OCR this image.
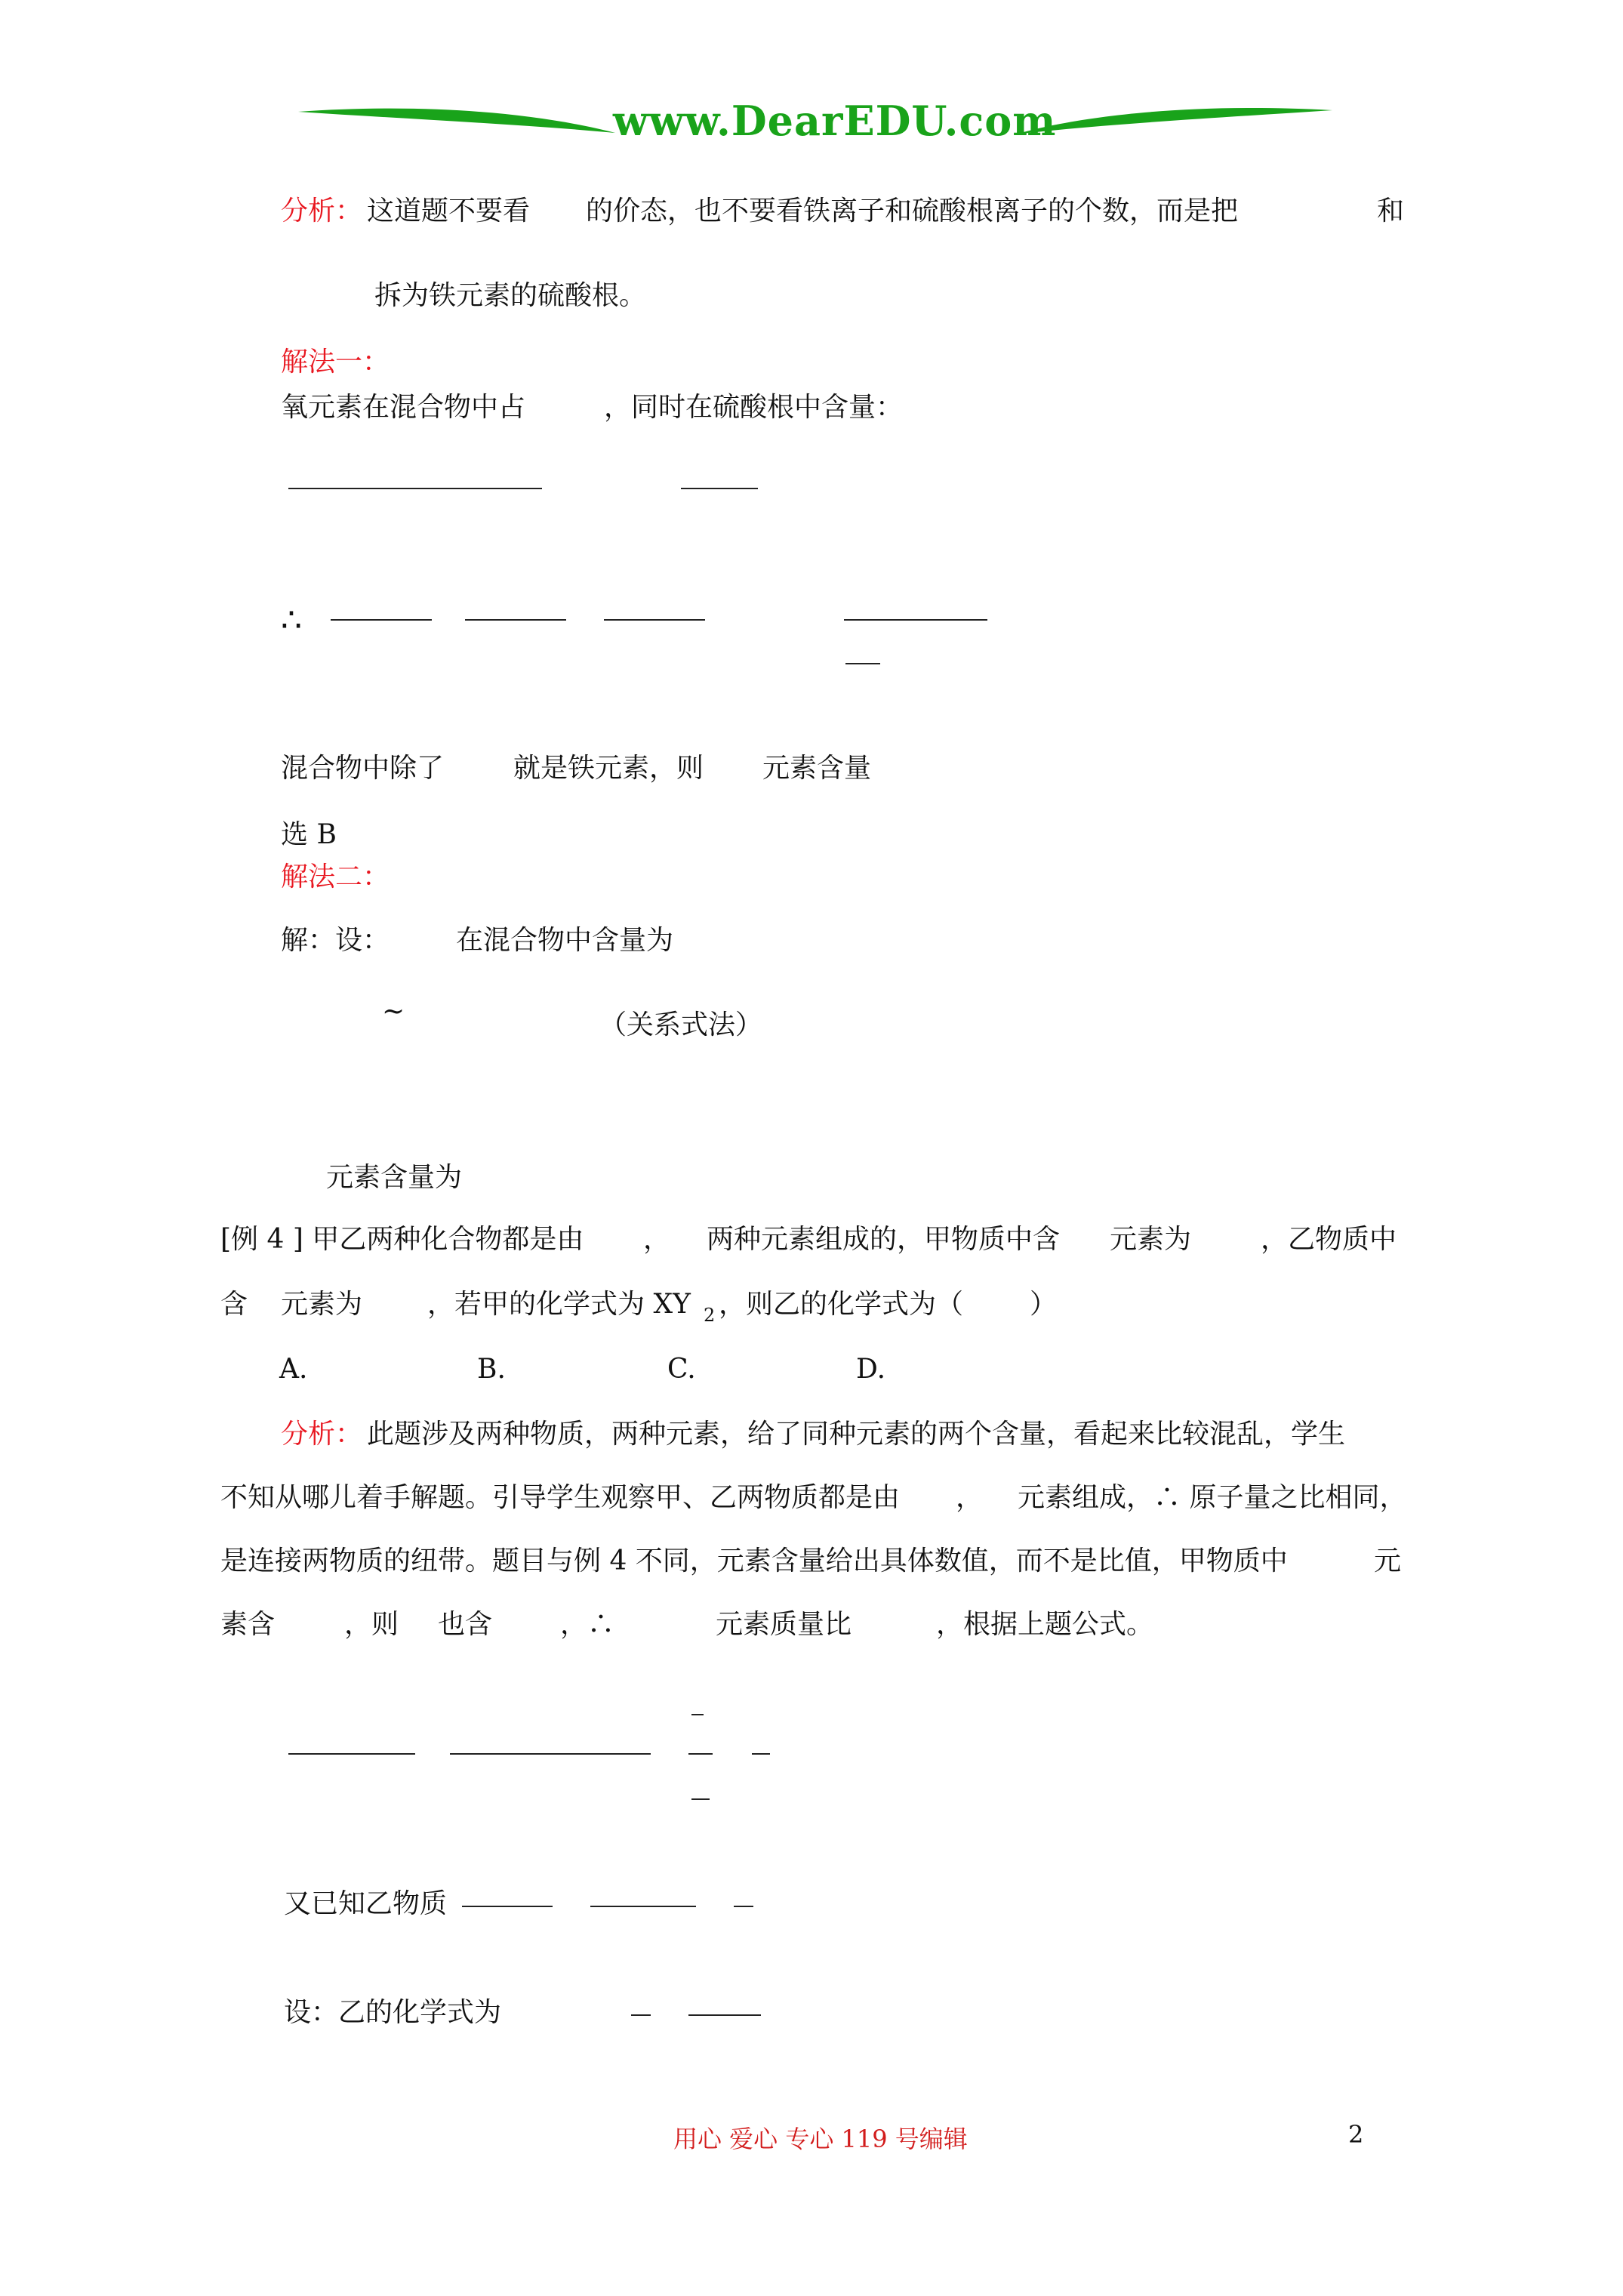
www.DearEDU.com
分析： 这道题不要看 的价态，也不要看铁离子和硫酸根离子的个数，而是把	和
拆为铁元素的硫酸根。
解法一：
氧元素在混合物中占	，同时在硫酸根中含量：
∴
混合物中除了	就是铁元素，则 元素含量
选 B
解法二：
解：设： 在混合物中含量为
~	（关系式法）
元素含量为
[例 4 ] 甲乙两种化合物都是由 ， 两种元素组成的，甲物质中含 元素为	，乙物质中
含 元素为 ，若甲的化学式为 XY 2 ，则乙的化学式为（ ）
A.	B.	C.	D.
分析： 此题涉及两种物质，两种元素，给了同种元素的两个含量，看起来比较混乱，学生
不知从哪儿着手解题。引导学生观察甲、乙两物质都是由 ， 元素组成，∴ 原子量之比相同，
是连接两物质的纽带。题目与例 4 不同，元素含量给出具体数值，而不是比值，甲物质中	元
素含	，则 也含 ，∴	元素质量比	，根据上题公式。
又已知乙物质
设：乙的化学式为
用心 爱心 专心 119 号编辑	2
